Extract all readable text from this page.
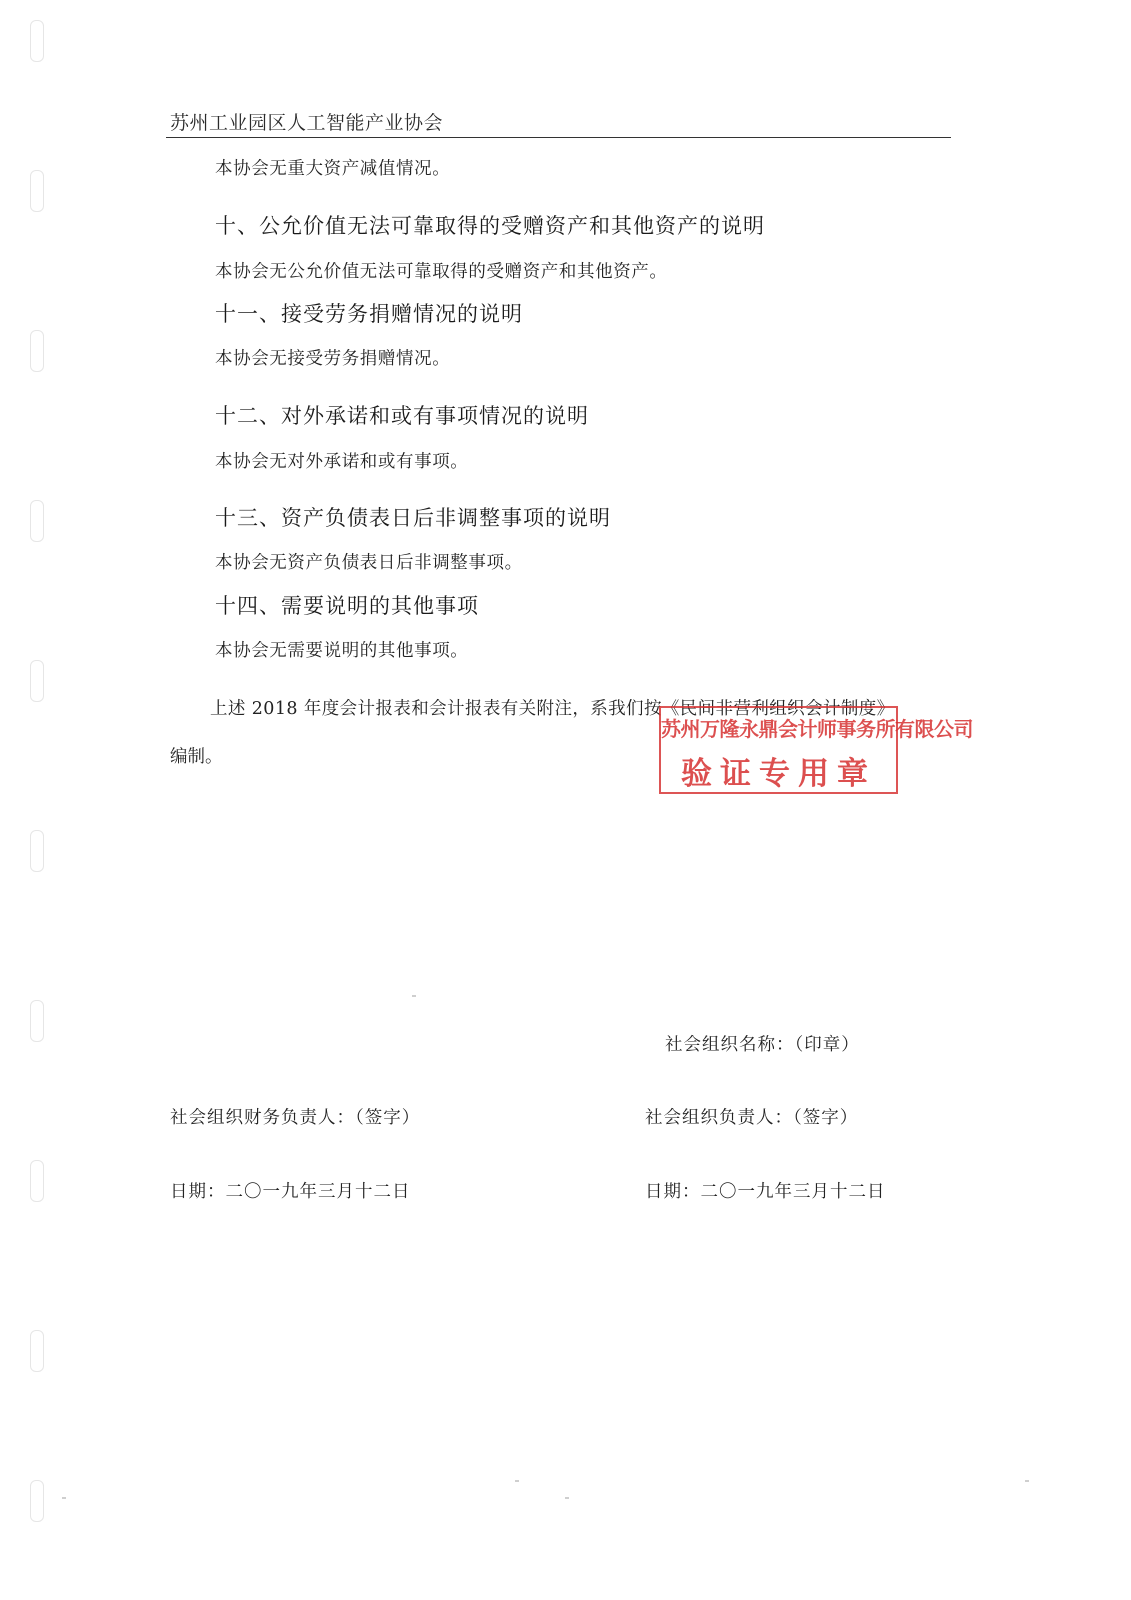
苏州工业园区人工智能产业协会
本协会无重大资产减值情况。
十、公允价值无法可靠取得的受赠资产和其他资产的说明
本协会无公允价值无法可靠取得的受赠资产和其他资产。
十一、接受劳务捐赠情况的说明
本协会无接受劳务捐赠情况。
十二、对外承诺和或有事项情况的说明
本协会无对外承诺和或有事项。
十三、资产负债表日后非调整事项的说明
本协会无资产负债表日后非调整事项。
十四、需要说明的其他事项
本协会无需要说明的其他事项。
上述 2018 年度会计报表和会计报表有关附注，系我们按《民间非营利组织会计制度》
编制。
苏州万隆永鼎会计师事务所有限公司
验证专用章
社会组织名称：（印章）
社会组织财务负责人：（签字）	社会组织负责人：（签字）
日期：二〇一九年三月十二日	日期：二〇一九年三月十二日
